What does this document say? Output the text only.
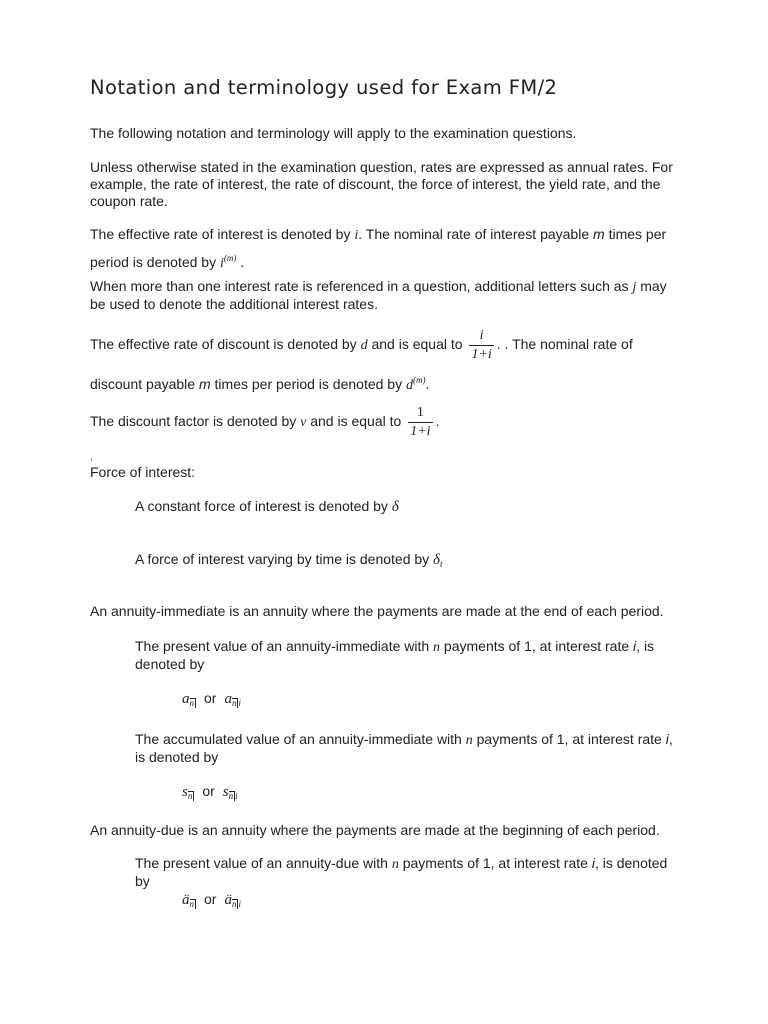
Notation and terminology used for Exam FM/2
The following notation and terminology will apply to the examination questions.
Unless otherwise stated in the examination question, rates are expressed as annual rates. For example, the rate of interest, the rate of discount, the force of interest, the yield rate, and the coupon rate.
The effective rate of interest is denoted by i. The nominal rate of interest payable m times per period is denoted by $i^{(m)}$ .
When more than one interest rate is referenced in a question, additional letters such as j may be used to denote the additional interest rates.
The effective rate of discount is denoted by d and is equal to $\frac{i}{1+i}$ . . The nominal rate of
discount payable m times per period is denoted by $d^{(m)}$.
The discount factor is denoted by v and is equal to $\frac{1}{1+i}$ .
.
Force of interest:
A constant force of interest is denoted by δ
A force of interest varying by time is denoted by $\delta_t$
An annuity-immediate is an annuity where the payments are made at the end of each period.
The present value of an annuity-immediate with n payments of 1, at interest rate i, is denoted by
an or an $_i$
The accumulated value of an annuity-immediate with n payments of 1, at interest rate i, is denoted by
sn or sn $_i$
An annuity-due is an annuity where the payments are made at the beginning of each period.
The present value of an annuity-due with n payments of 1, at interest rate i, is denoted by
än or än $_i$
